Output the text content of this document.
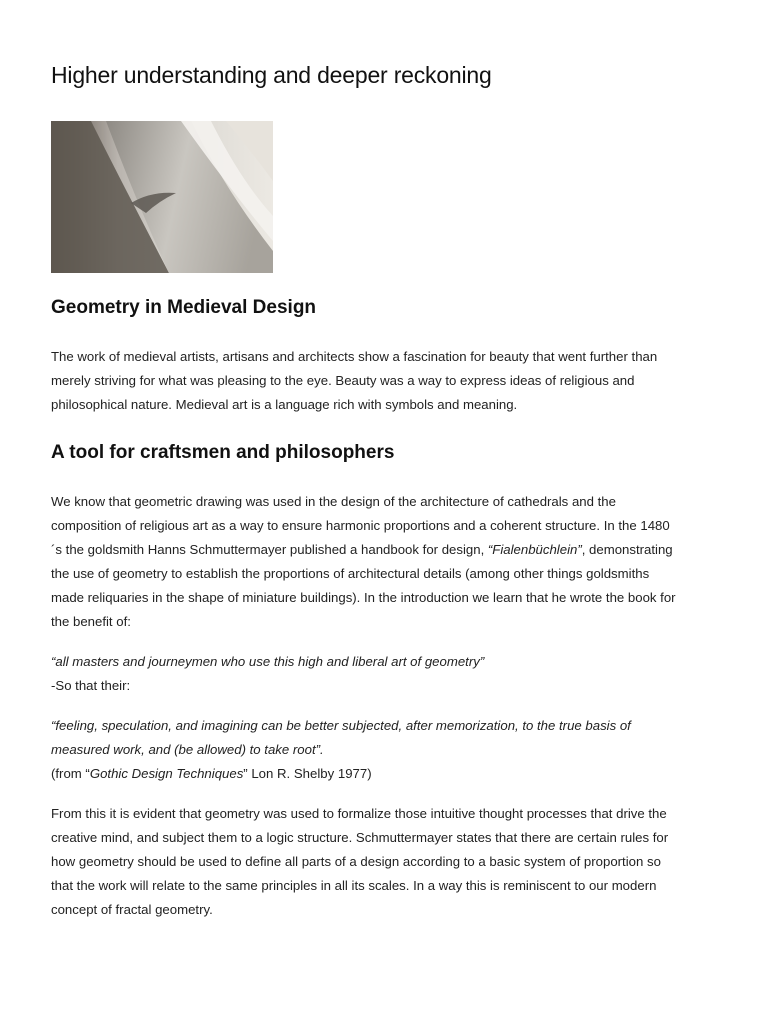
Higher understanding and deeper reckoning
Geometry in Medieval Design

The work of medieval artists, artisans and architects show a fascination for beauty that went further than
merely striving for what was pleasing to the eye. Beauty was a way to express ideas of religious and
philosophical nature. Medieval art is a language rich with symbols and meaning.

A tool for craftsmen and philosophers

We know that geometric drawing was used in the design of the architecture of cathedrals and the
composition of religious art as a way to ensure harmonic proportions and a coherent structure. In the 1480
´s the goldsmith Hanns Schmuttermayer published a handbook for design, “Fialenbüchlein”, demonstrating
the use of geometry to establish the proportions of architectural details (among other things goldsmiths
made reliquaries in the shape of miniature buildings). In the introduction we learn that he wrote the book for
the benefit of:

“all masters and journeymen who use this high and liberal art of geometry”
-So that their:

“feeling, speculation, and imagining can be better subjected, after memorization, to the true basis of
measured work, and (be allowed) to take root”.
(from “Gothic Design Techniques” Lon R. Shelby 1977)

From this it is evident that geometry was used to formalize those intuitive thought processes that drive the
creative mind, and subject them to a logic structure. Schmuttermayer states that there are certain rules for
how geometry should be used to define all parts of a design according to a basic system of proportion so
that the work will relate to the same principles in all its scales. In a way this is reminiscent to our modern
concept of fractal geometry.
